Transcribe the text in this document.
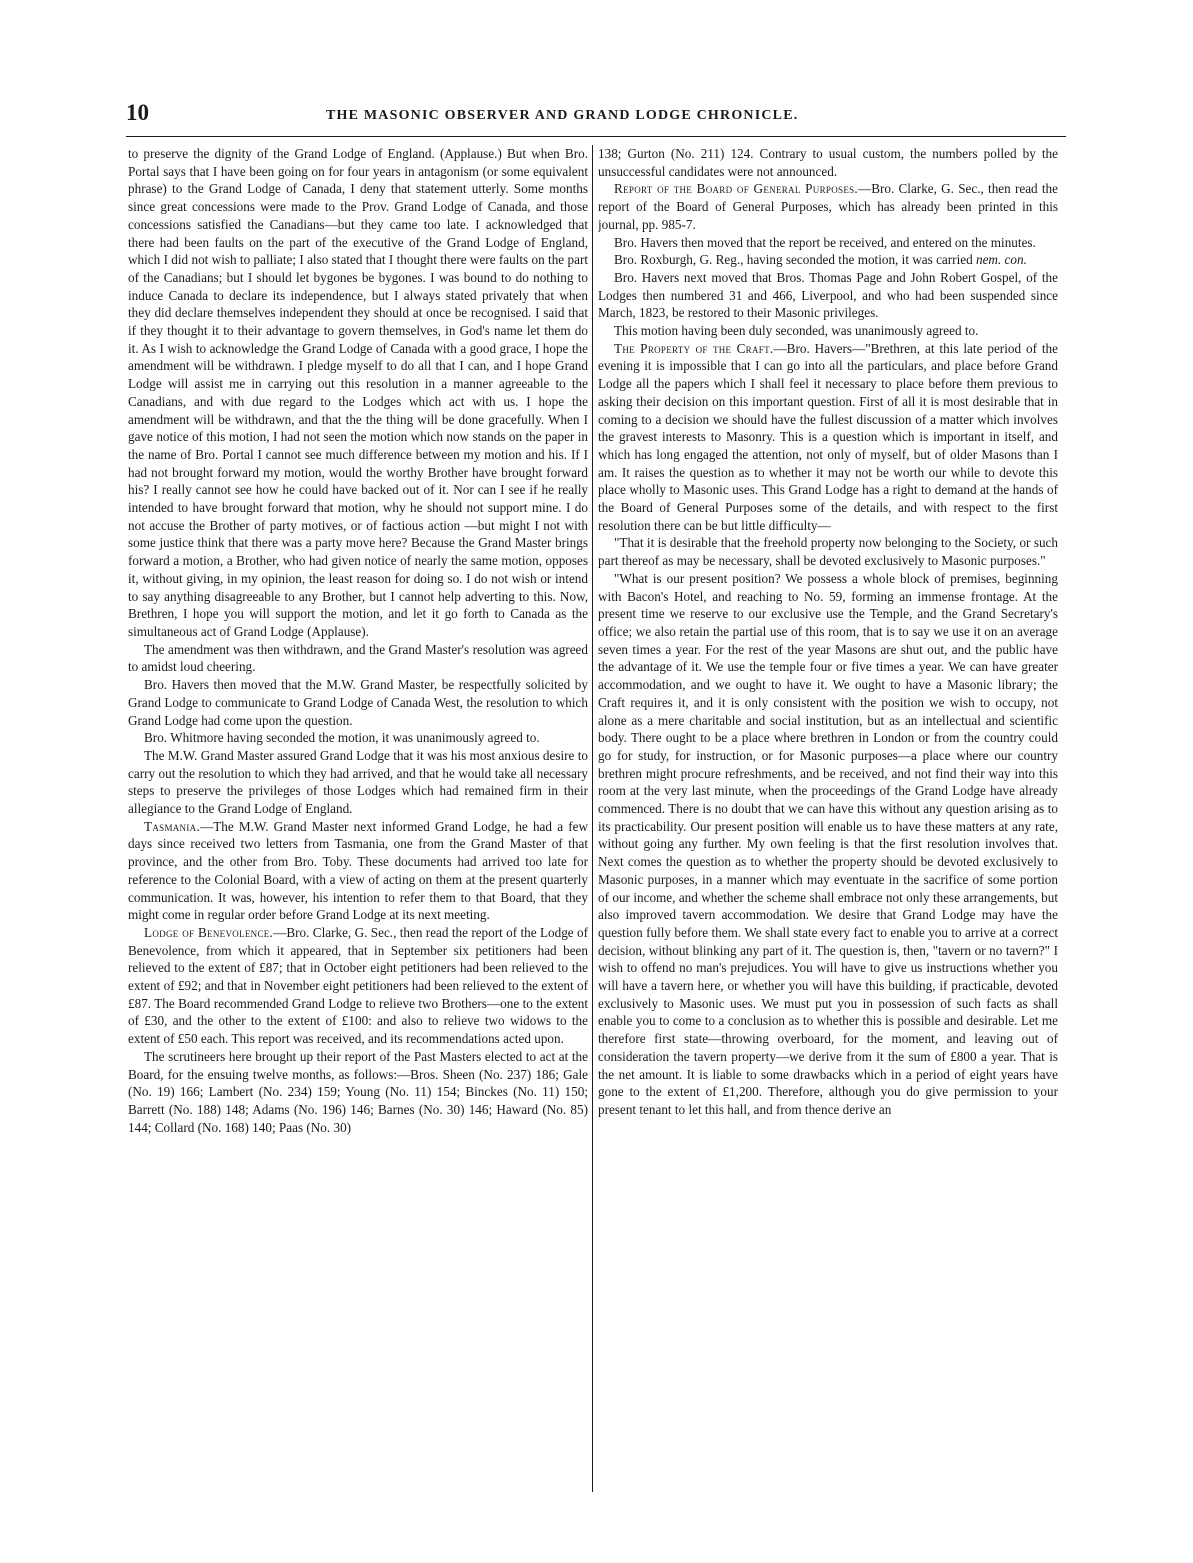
10	THE MASONIC OBSERVER AND GRAND LODGE CHRONICLE.

to preserve the dignity of the Grand Lodge of England. (Applause.) But when Bro. Portal says that I have been going on for four years in antagonism (or some equivalent phrase) to the Grand Lodge of Canada, I deny that statement utterly. Some months since great concessions were made to the Prov. Grand Lodge of Canada, and those concessions satisfied the Canadians—but they came too late. I acknowledged that there had been faults on the part of the executive of the Grand Lodge of England, which I did not wish to palliate; I also stated that I thought there were faults on the part of the Canadians; but I should let bygones be bygones. I was bound to do nothing to induce Canada to declare its independence, but I always stated privately that when they did declare themselves independent they should at once be recognised. I said that if they thought it to their advantage to govern themselves, in God's name let them do it. As I wish to acknowledge the Grand Lodge of Canada with a good grace, I hope the amendment will be withdrawn. I pledge myself to do all that I can, and I hope Grand Lodge will assist me in carrying out this resolution in a manner agreeable to the Canadians, and with due regard to the Lodges which act with us. I hope the amendment will be withdrawn, and that the the thing will be done gracefully. When I gave notice of this motion, I had not seen the motion which now stands on the paper in the name of Bro. Portal I cannot see much difference between my motion and his. If I had not brought forward my motion, would the worthy Brother have brought forward his? I really cannot see how he could have backed out of it. Nor can I see if he really intended to have brought forward that motion, why he should not support mine. I do not accuse the Brother of party motives, or of factious action —but might I not with some justice think that there was a party move here? Because the Grand Master brings forward a motion, a Brother, who had given notice of nearly the same motion, opposes it, without giving, in my opinion, the least reason for doing so. I do not wish or intend to say anything disagreeable to any Brother, but I cannot help adverting to this. Now, Brethren, I hope you will support the motion, and let it go forth to Canada as the simultaneous act of Grand Lodge (Applause).

The amendment was then withdrawn, and the Grand Master's resolution was agreed to amidst loud cheering.

Bro. Havers then moved that the M.W. Grand Master, be respectfully solicited by Grand Lodge to communicate to Grand Lodge of Canada West, the resolution to which Grand Lodge had come upon the question.

Bro. Whitmore having seconded the motion, it was unanimously agreed to.

The M.W. Grand Master assured Grand Lodge that it was his most anxious desire to carry out the resolution to which they had arrived, and that he would take all necessary steps to preserve the privileges of those Lodges which had remained firm in their allegiance to the Grand Lodge of England.

Tasmania.—The M.W. Grand Master next informed Grand Lodge, he had a few days since received two letters from Tasmania, one from the Grand Master of that province, and the other from Bro. Toby. These documents had arrived too late for reference to the Colonial Board, with a view of acting on them at the present quarterly communication. It was, however, his intention to refer them to that Board, that they might come in regular order before Grand Lodge at its next meeting.

Lodge of Benevolence.—Bro. Clarke, G. Sec., then read the report of the Lodge of Benevolence, from which it appeared, that in September six petitioners had been relieved to the extent of £87; that in October eight petitioners had been relieved to the extent of £92; and that in November eight petitioners had been relieved to the extent of £87. The Board recommended Grand Lodge to relieve two Brothers—one to the extent of £30, and the other to the extent of £100: and also to relieve two widows to the extent of £50 each. This report was received, and its recommendations acted upon.

The scrutineers here brought up their report of the Past Masters elected to act at the Board, for the ensuing twelve months, as follows:—Bros. Sheen (No. 237) 186; Gale (No. 19) 166; Lambert (No. 234) 159; Young (No. 11) 154; Binckes (No. 11) 150; Barrett (No. 188) 148; Adams (No. 196) 146; Barnes (No. 30) 146; Haward (No. 85) 144; Collard (No. 168) 140; Paas (No. 30)

138; Gurton (No. 211) 124. Contrary to usual custom, the numbers polled by the unsuccessful candidates were not announced.

Report of the Board of General Purposes.—Bro. Clarke, G. Sec., then read the report of the Board of General Purposes, which has already been printed in this journal, pp. 985-7.

Bro. Havers then moved that the report be received, and entered on the minutes.

Bro. Roxburgh, G. Reg., having seconded the motion, it was carried nem. con.

Bro. Havers next moved that Bros. Thomas Page and John Robert Gospel, of the Lodges then numbered 31 and 466, Liverpool, and who had been suspended since March, 1823, be restored to their Masonic privileges.

This motion having been duly seconded, was unanimously agreed to.

The Property of the Craft.—Bro. Havers—"Brethren, at this late period of the evening it is impossible that I can go into all the particulars, and place before Grand Lodge all the papers which I shall feel it necessary to place before them previous to asking their decision on this important question. First of all it is most desirable that in coming to a decision we should have the fullest discussion of a matter which involves the gravest interests to Masonry. This is a question which is important in itself, and which has long engaged the attention, not only of myself, but of older Masons than I am. It raises the question as to whether it may not be worth our while to devote this place wholly to Masonic uses. This Grand Lodge has a right to demand at the hands of the Board of General Purposes some of the details, and with respect to the first resolution there can be but little difficulty—

"That it is desirable that the freehold property now belonging to the Society, or such part thereof as may be necessary, shall be devoted exclusively to Masonic purposes."

"What is our present position? We possess a whole block of premises, beginning with Bacon's Hotel, and reaching to No. 59, forming an immense frontage. At the present time we reserve to our exclusive use the Temple, and the Grand Secretary's office; we also retain the partial use of this room, that is to say we use it on an average seven times a year. For the rest of the year Masons are shut out, and the public have the advantage of it. We use the temple four or five times a year. We can have greater accommodation, and we ought to have it. We ought to have a Masonic library; the Craft requires it, and it is only consistent with the position we wish to occupy, not alone as a mere charitable and social institution, but as an intellectual and scientific body. There ought to be a place where brethren in London or from the country could go for study, for instruction, or for Masonic purposes—a place where our country brethren might procure refreshments, and be received, and not find their way into this room at the very last minute, when the proceedings of the Grand Lodge have already commenced. There is no doubt that we can have this without any question arising as to its practicability. Our present position will enable us to have these matters at any rate, without going any further. My own feeling is that the first resolution involves that. Next comes the question as to whether the property should be devoted exclusively to Masonic purposes, in a manner which may eventuate in the sacrifice of some portion of our income, and whether the scheme shall embrace not only these arrangements, but also improved tavern accommodation. We desire that Grand Lodge may have the question fully before them. We shall state every fact to enable you to arrive at a correct decision, without blinking any part of it. The question is, then, "tavern or no tavern?" I wish to offend no man's prejudices. You will have to give us instructions whether you will have a tavern here, or whether you will have this building, if practicable, devoted exclusively to Masonic uses. We must put you in possession of such facts as shall enable you to come to a conclusion as to whether this is possible and desirable. Let me therefore first state—throwing overboard, for the moment, and leaving out of consideration the tavern property—we derive from it the sum of £800 a year. That is the net amount. It is liable to some drawbacks which in a period of eight years have gone to the extent of £1,200. Therefore, although you do give permission to your present tenant to let this hall, and from thence derive an
